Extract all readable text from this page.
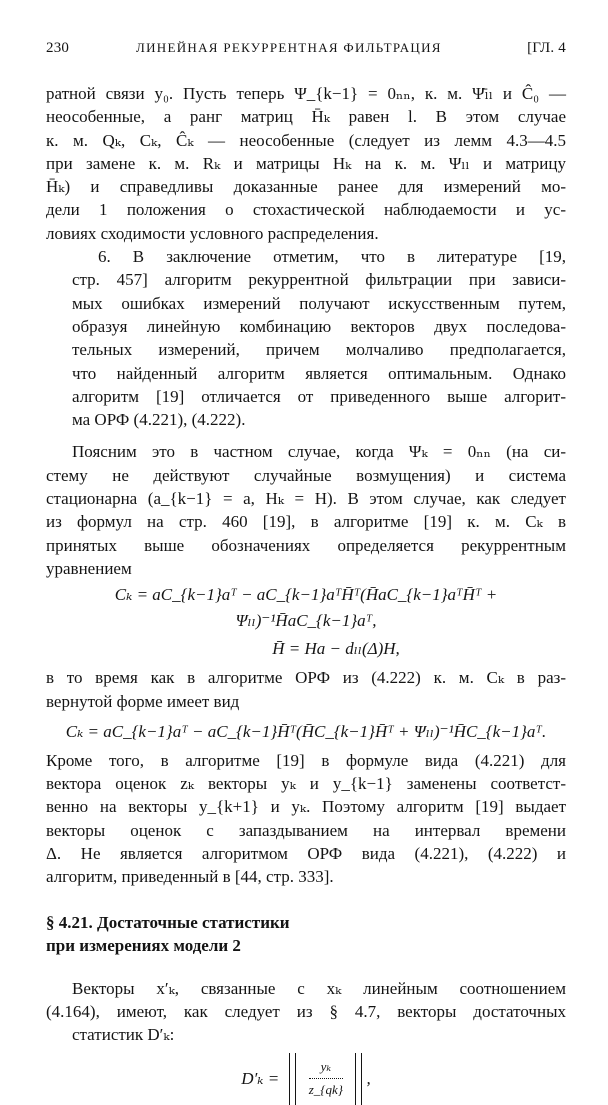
230	ЛИНЕЙНАЯ РЕКУРРЕНТНАЯ ФИЛЬТРАЦИЯ	[ГЛ. 4

ратной связи y₀. Пусть теперь Ψ_{k−1} = 0ₙₙ, к. м. Ψ̄ₗₗ и Ĉ₀ —
неособенные, а ранг матриц H̄ₖ равен l. В этом случае
к. м. Qₖ, Cₖ, Ĉₖ — неособенные (следует из лемм 4.3—4.5
при замене к. м. Rₖ и матрицы Hₖ на к. м. Ψₗₗ и матрицу
H̄ₖ) и справедливы доказанные ранее для измерений мо-
дели 1 положения о стохастической наблюдаемости и ус-
ловиях сходимости условного распределения.

6. В заключение отметим, что в литературе [19,
стр. 457] алгоритм рекуррентной фильтрации при зависи-
мых ошибках измерений получают искусственным путем,
образуя линейную комбинацию векторов двух последова-
тельных измерений, причем молчаливо предполагается,
что найденный алгоритм является оптимальным. Однако
алгоритм [19] отличается от приведенного выше алгорит-
ма ОРФ (4.221), (4.222).

Поясним это в частном случае, когда Ψₖ = 0ₙₙ (на си-
стему не действуют случайные возмущения) и система
стационарна (a_{k−1} = a, Hₖ = H). В этом случае, как следует
из формул на стр. 460 [19], в алгоритме [19] к. м. Cₖ в
принятых выше обозначениях определяется рекуррентным
уравнением

Cₖ = aC_{k−1}aᵀ − aC_{k−1}aᵀH̄ᵀ(H̄aC_{k−1}aᵀH̄ᵀ + Ψₗₗ)⁻¹H̄aC_{k−1}aᵀ,
H̄ = Ha − dₗₗ(Δ)H,

в то время как в алгоритме ОРФ из (4.222) к. м. Cₖ в раз-
вернутой форме имеет вид

Cₖ = aC_{k−1}aᵀ − aC_{k−1}H̄ᵀ(H̄C_{k−1}H̄ᵀ + Ψₗₗ)⁻¹H̄C_{k−1}aᵀ.

Кроме того, в алгоритме [19] в формуле вида (4.221) для
вектора оценок zₖ векторы yₖ и y_{k−1} заменены соответст-
венно на векторы y_{k+1} и yₖ. Поэтому алгоритм [19] выдает
векторы оценок с запаздыванием на интервал времени
Δ. Не является алгоритмом ОРФ вида (4.221), (4.222) и
алгоритм, приведенный в [44, стр. 333].

§ 4.21. Достаточные статистики
при измерениях модели 2

Векторы x′ₖ, связанные с xₖ линейным соотношением
(4.164), имеют, как следует из § 4.7, векторы достаточных
статистик D′ₖ:

$D'_k = \frac{\text{yₖ}}{z\_\{qk\}}$ ,
